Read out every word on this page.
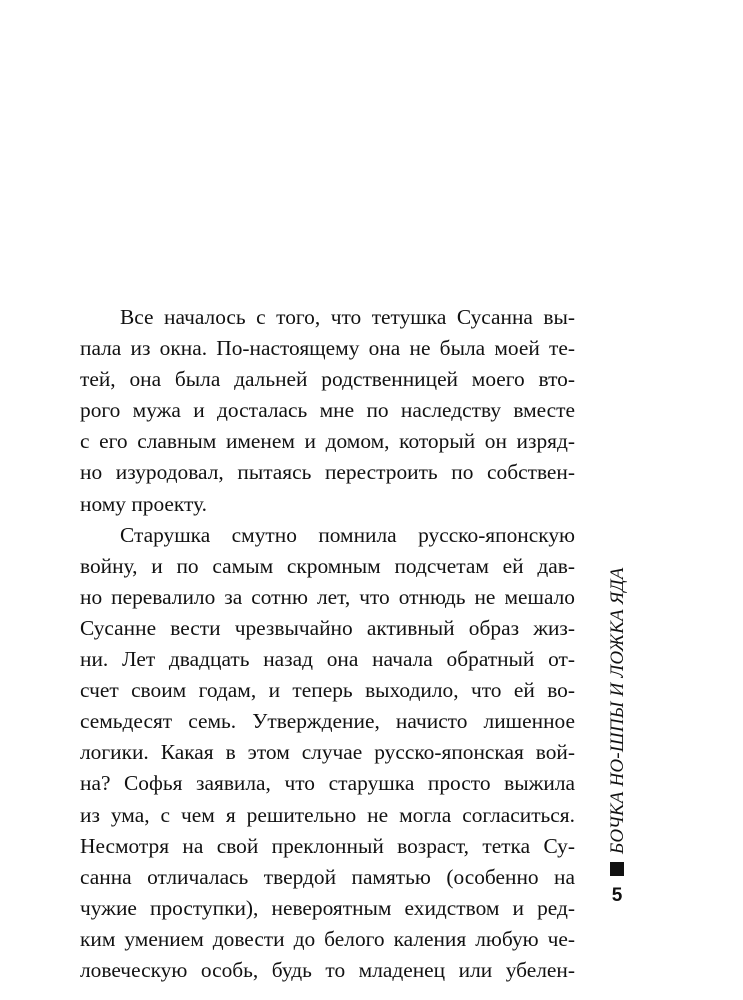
Все началось с того, что тетушка Сусанна вы-
пала из окна. По-настоящему она не была моей те-
тей, она была дальней родственницей моего вто-
рого мужа и досталась мне по наследству вместе
с его славным именем и домом, который он изряд-
но изуродовал, пытаясь перестроить по собствен-
ному проекту.
Старушка смутно помнила русско-японскую
войну, и по самым скромным подсчетам ей дав-
но перевалило за сотню лет, что отнюдь не мешало
Сусанне вести чрезвычайно активный образ жиз-
ни. Лет двадцать назад она начала обратный от-
счет своим годам, и теперь выходило, что ей во-
семьдесят семь. Утверждение, начисто лишенное
логики. Какая в этом случае русско-японская вой-
на? Софья заявила, что старушка просто выжила
из ума, с чем я решительно не могла согласиться.
Несмотря на свой преклонный возраст, тетка Су-
санна отличалась твердой памятью (особенно на
чужие проступки), невероятным ехидством и ред-
ким умением довести до белого каления любую че-
ловеческую особь, будь то младенец или убелен-
БОЧКА НО-ШПЫ И ЛОЖКА ЯДА
5
